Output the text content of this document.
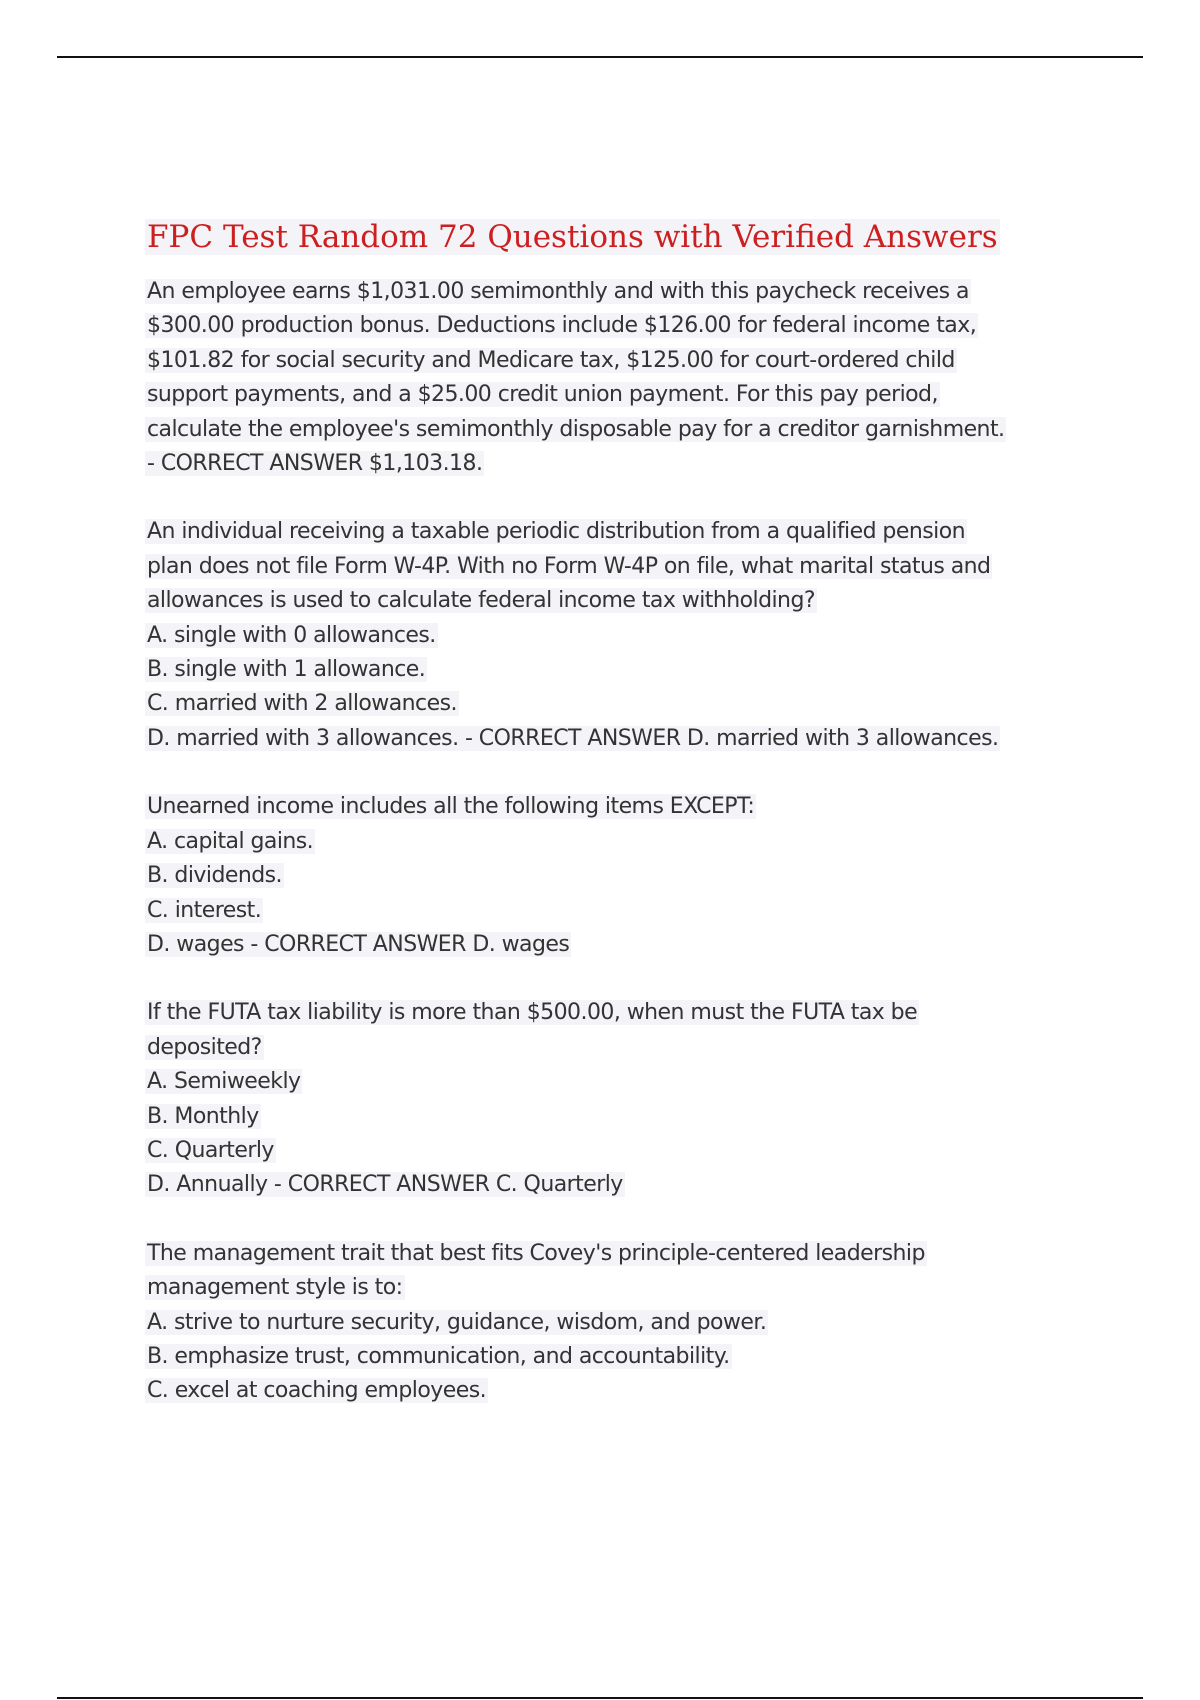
FPC Test Random 72 Questions with Verified Answers

An employee earns $1,031.00 semimonthly and with this paycheck receives a

$300.00 production bonus. Deductions include $126.00 for federal income tax,

$101.82 for social security and Medicare tax, $125.00 for court-ordered child

support payments, and a $25.00 credit union payment. For this pay period,

calculate the employee's semimonthly disposable pay for a creditor garnishment.

- CORRECT ANSWER $1,103.18.

An individual receiving a taxable periodic distribution from a qualified pension

plan does not file Form W-4P. With no Form W-4P on file, what marital status and

allowances is used to calculate federal income tax withholding?

A. single with 0 allowances.

B. single with 1 allowance.

C. married with 2 allowances.

D. married with 3 allowances. - CORRECT ANSWER D. married with 3 allowances.

Unearned income includes all the following items EXCEPT:

A. capital gains.

B. dividends.

C. interest.

D. wages - CORRECT ANSWER D. wages

If the FUTA tax liability is more than $500.00, when must the FUTA tax be

deposited?

A. Semiweekly

B. Monthly

C. Quarterly

D. Annually - CORRECT ANSWER C. Quarterly

The management trait that best fits Covey's principle-centered leadership

management style is to:

A. strive to nurture security, guidance, wisdom, and power.

B. emphasize trust, communication, and accountability.

C. excel at coaching employees.
